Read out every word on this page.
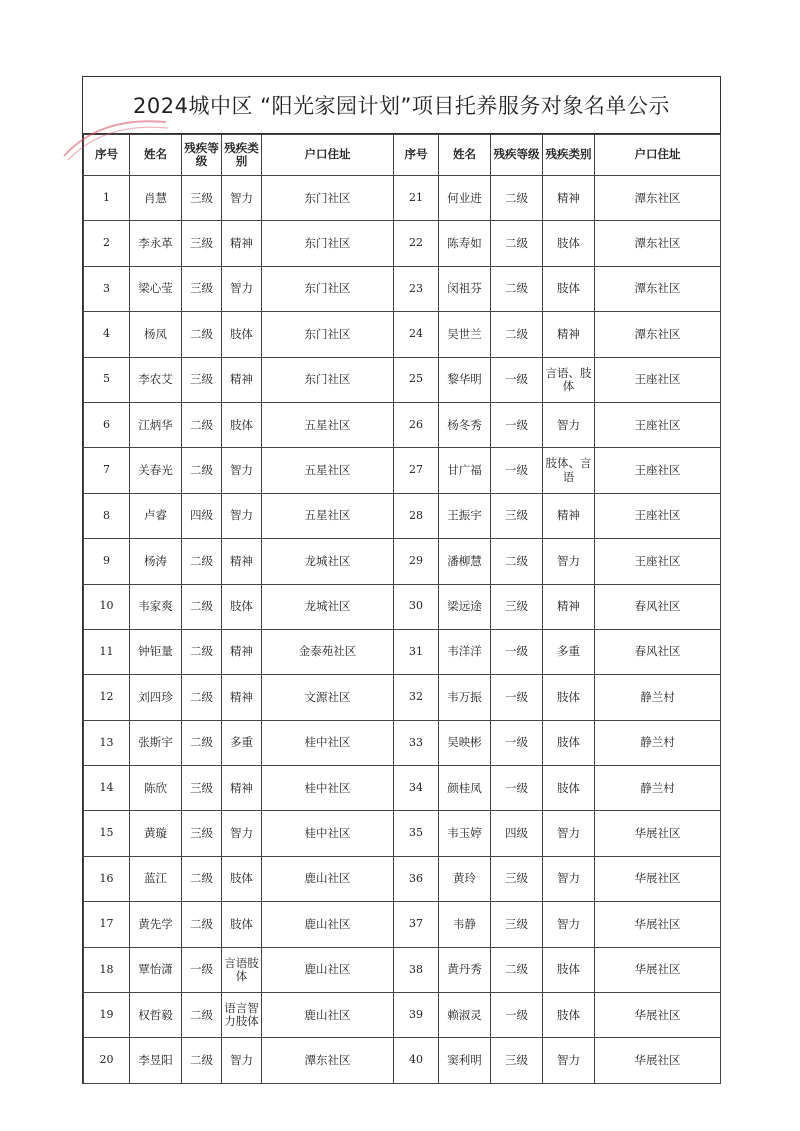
2024城中区 “阳光家园计划”项目托养服务对象名单公示
序号	姓名	残疾等级	残疾类别	户口住址	序号	姓名	残疾等级	残疾类别	户口住址
1	肖慧	三级	智力	东门社区	21	何业进	二级	精神	潭东社区
2	李永革	三级	精神	东门社区	22	陈寿如	二级	肢体	潭东社区
3	梁心莹	三级	智力	东门社区	23	闵祖芬	二级	肢体	潭东社区
4	杨凤	二级	肢体	东门社区	24	吴世兰	二级	精神	潭东社区
5	李农艾	三级	精神	东门社区	25	黎华明	一级	言语、肢体	王座社区
6	江炳华	二级	肢体	五星社区	26	杨冬秀	一级	智力	王座社区
7	关春光	二级	智力	五星社区	27	甘广福	一级	肢体、言语	王座社区
8	卢睿	四级	智力	五星社区	28	王振宇	三级	精神	王座社区
9	杨涛	二级	精神	龙城社区	29	潘柳慧	二级	智力	王座社区
10	韦家爽	二级	肢体	龙城社区	30	梁远途	三级	精神	春风社区
11	钟钜量	二级	精神	金泰苑社区	31	韦洋洋	一级	多重	春风社区
12	刘四珍	二级	精神	文源社区	32	韦万振	一级	肢体	静兰村
13	张斯宇	二级	多重	桂中社区	33	吴映彬	一级	肢体	静兰村
14	陈欣	三级	精神	桂中社区	34	颜桂凤	一级	肢体	静兰村
15	黄璇	三级	智力	桂中社区	35	韦玉婷	四级	智力	华展社区
16	蓝江	二级	肢体	鹿山社区	36	黄玲	三级	智力	华展社区
17	黄先学	二级	肢体	鹿山社区	37	韦静	三级	智力	华展社区
18	覃怡潇	一级	言语肢体	鹿山社区	38	黄丹秀	二级	肢体	华展社区
19	权哲毅	二级	语言智力肢体	鹿山社区	39	赖淑灵	一级	肢体	华展社区
20	李昱阳	二级	智力	潭东社区	40	窦利明	三级	智力	华展社区
